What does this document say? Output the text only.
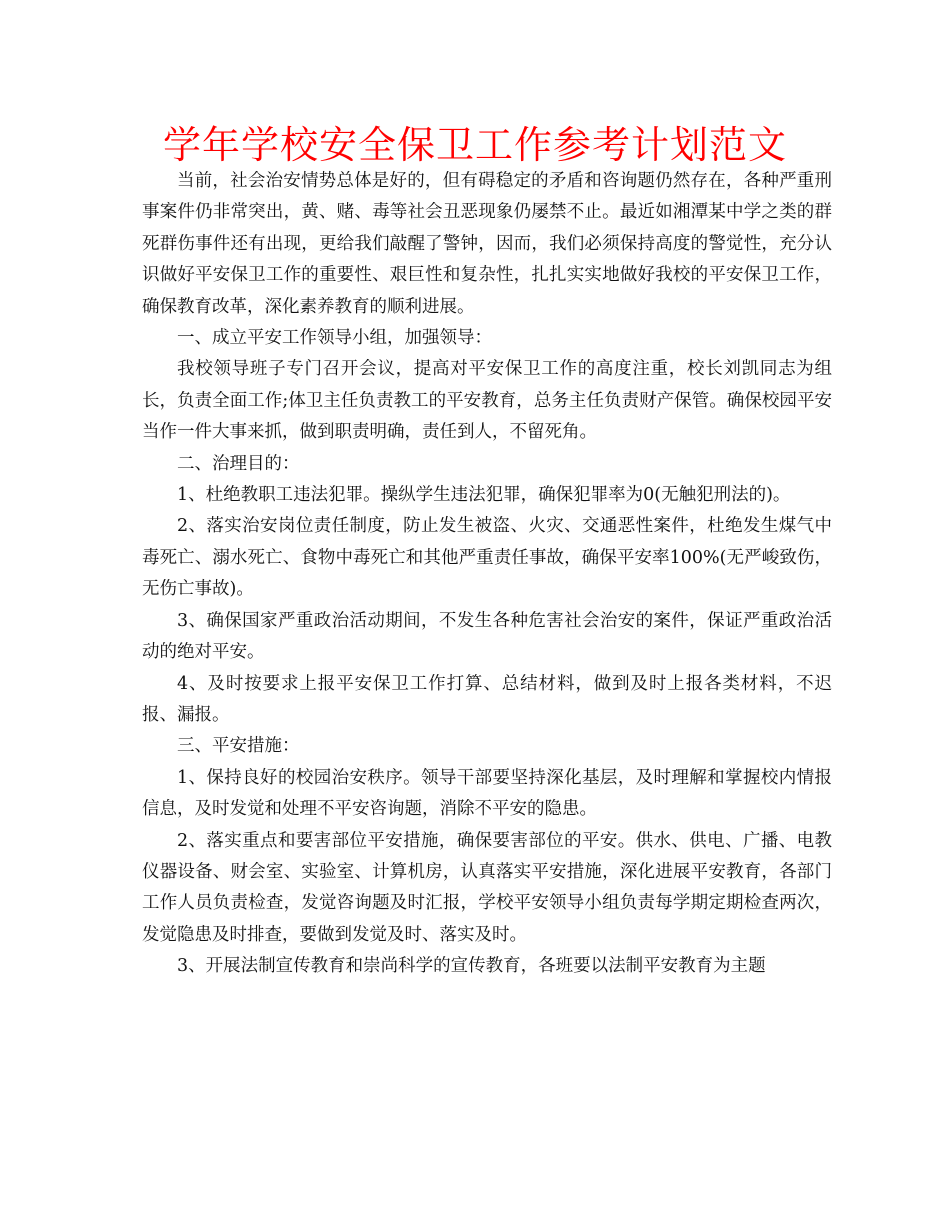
学年学校安全保卫工作参考计划范文

当前，社会治安情势总体是好的，但有碍稳定的矛盾和咨询题仍然存在，各种严重刑事案件仍非常突出，黄、赌、毒等社会丑恶现象仍屡禁不止。最近如湘潭某中学之类的群死群伤事件还有出现，更给我们敲醒了警钟，因而，我们必须保持高度的警觉性，充分认识做好平安保卫工作的重要性、艰巨性和复杂性，扎扎实实地做好我校的平安保卫工作，确保教育改革，深化素养教育的顺利进展。

一、成立平安工作领导小组，加强领导：

我校领导班子专门召开会议，提高对平安保卫工作的高度注重，校长刘凯同志为组长，负责全面工作;体卫主任负责教工的平安教育，总务主任负责财产保管。确保校园平安当作一件大事来抓，做到职责明确，责任到人，不留死角。

二、治理目的：

1、杜绝教职工违法犯罪。操纵学生违法犯罪，确保犯罪率为0(无触犯刑法的)。

2、落实治安岗位责任制度，防止发生被盗、火灾、交通恶性案件，杜绝发生煤气中毒死亡、溺水死亡、食物中毒死亡和其他严重责任事故，确保平安率100%(无严峻致伤，无伤亡事故)。

3、确保国家严重政治活动期间，不发生各种危害社会治安的案件，保证严重政治活动的绝对平安。

4、及时按要求上报平安保卫工作打算、总结材料，做到及时上报各类材料，不迟报、漏报。

三、平安措施：

1、保持良好的校园治安秩序。领导干部要坚持深化基层，及时理解和掌握校内情报信息，及时发觉和处理不平安咨询题，消除不平安的隐患。

2、落实重点和要害部位平安措施，确保要害部位的平安。供水、供电、广播、电教仪器设备、财会室、实验室、计算机房，认真落实平安措施，深化进展平安教育，各部门工作人员负责检查，发觉咨询题及时汇报，学校平安领导小组负责每学期定期检查两次，发觉隐患及时排查，要做到发觉及时、落实及时。

3、开展法制宣传教育和崇尚科学的宣传教育，各班要以法制平安教育为主题
